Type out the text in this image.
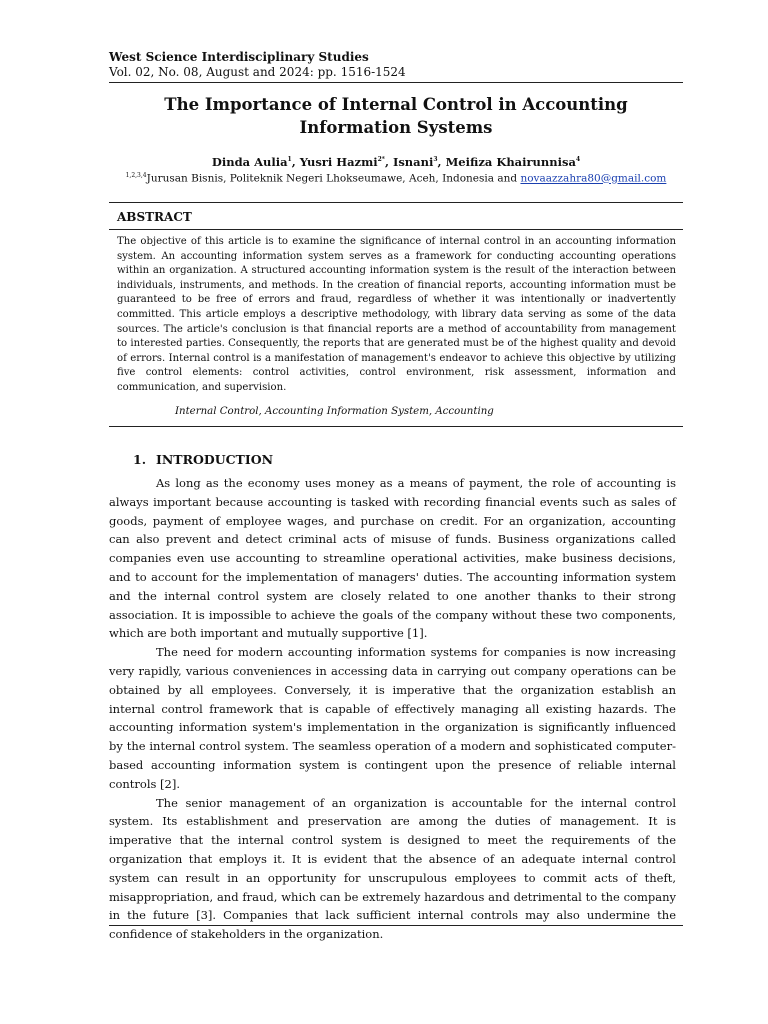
West Science Interdisciplinary Studies
Vol. 02, No. 08, August and 2024: pp. 1516-1524
The Importance of Internal Control in Accounting Information Systems
Dinda Aulia$^1$, Yusri Hazmi$^{2*}$, Isnani$^3$, Meifiza Khairunnisa$^4$
$^{1,2,3,4}$Jurusan Bisnis, Politeknik Negeri Lhokseumawe, Aceh, Indonesia and novaazzahra80@gmail.com
ABSTRACT
The objective of this article is to examine the significance of internal control in an accounting information system. An accounting information system serves as a framework for conducting accounting operations within an organization. A structured accounting information system is the result of the interaction between individuals, instruments, and methods. In the creation of financial reports, accounting information must be guaranteed to be free of errors and fraud, regardless of whether it was intentionally or inadvertently committed. This article employs a descriptive methodology, with library data serving as some of the data sources. The article's conclusion is that financial reports are a method of accountability from management to interested parties. Consequently, the reports that are generated must be of the highest quality and devoid of errors. Internal control is a manifestation of management's endeavor to achieve this objective by utilizing five control elements: control activities, control environment, risk assessment, information and communication, and supervision.
Internal Control, Accounting Information System, Accounting
1. INTRODUCTION

As long as the economy uses money as a means of payment, the role of accounting is always important because accounting is tasked with recording financial events such as sales of goods, payment of employee wages, and purchase on credit. For an organization, accounting can also prevent and detect criminal acts of misuse of funds. Business organizations called companies even use accounting to streamline operational activities, make business decisions, and to account for the implementation of managers' duties. The accounting information system and the internal control system are closely related to one another thanks to their strong association. It is impossible to achieve the goals of the company without these two components, which are both important and mutually supportive [1].

The need for modern accounting information systems for companies is now increasing very rapidly, various conveniences in accessing data in carrying out company operations can be obtained by all employees. Conversely, it is imperative that the organization establish an internal control framework that is capable of effectively managing all existing hazards. The accounting information system's implementation in the organization is significantly influenced by the internal control system. The seamless operation of a modern and sophisticated computer-based accounting information system is contingent upon the presence of reliable internal controls [2].

The senior management of an organization is accountable for the internal control system. Its establishment and preservation are among the duties of management. It is imperative that the internal control system is designed to meet the requirements of the organization that employs it. It is evident that the absence of an adequate internal control system can result in an opportunity for unscrupulous employees to commit acts of theft, misappropriation, and fraud, which can be extremely hazardous and detrimental to the company in the future [3]. Companies that lack sufficient internal controls may also undermine the confidence of stakeholders in the organization.
